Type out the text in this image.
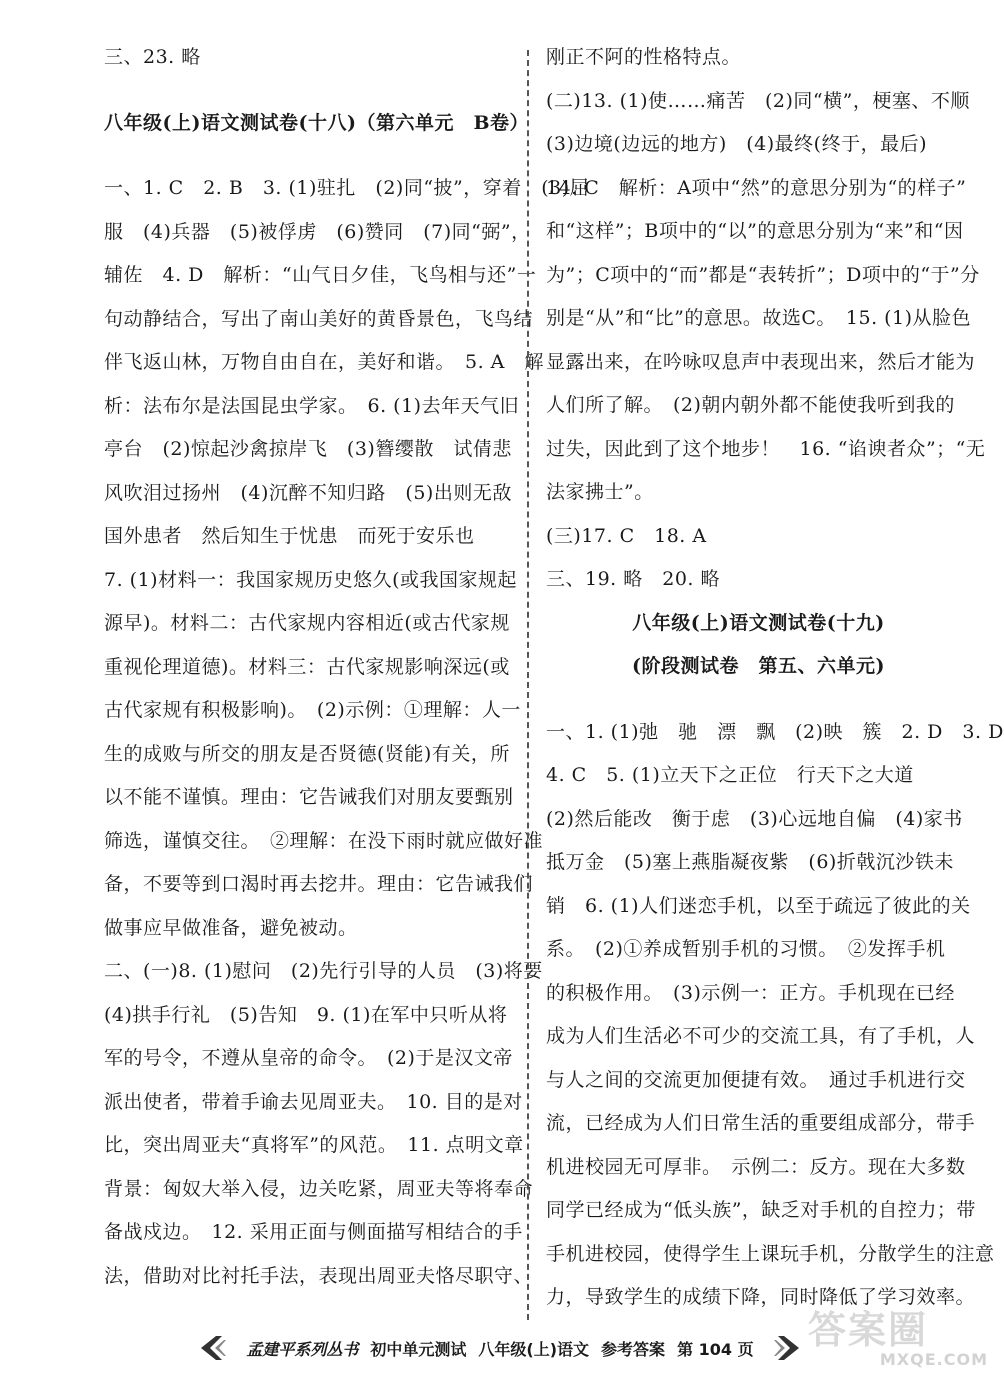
三、23. 略
八年级(上)语文测试卷(十八)（第六单元　B卷）
一、1. C　2. B　3. (1)驻扎　(2)同“披”，穿着　(3)屈
服　(4)兵器　(5)被俘虏　(6)赞同　(7)同“弼”，
辅佐　4. D　解析：“山气日夕佳，飞鸟相与还”一
句动静结合，写出了南山美好的黄昏景色，飞鸟结
伴飞返山林，万物自由自在，美好和谐。　5. A　解
析：法布尔是法国昆虫学家。　6. (1)去年天气旧
亭台　(2)惊起沙禽掠岸飞　(3)簪缨散　试倩悲
风吹泪过扬州　(4)沉醉不知归路　(5)出则无敌
国外患者　然后知生于忧患　而死于安乐也
7. (1)材料一：我国家规历史悠久(或我国家规起
源早)。材料二：古代家规内容相近(或古代家规
重视伦理道德)。材料三：古代家规影响深远(或
古代家规有积极影响)。　(2)示例：①理解：人一
生的成败与所交的朋友是否贤德(贤能)有关，所
以不能不谨慎。理由：它告诫我们对朋友要甄别
筛选，谨慎交往。　②理解：在没下雨时就应做好准
备，不要等到口渴时再去挖井。理由：它告诫我们
做事应早做准备，避免被动。
二、(一)8. (1)慰问　(2)先行引导的人员　(3)将要
(4)拱手行礼　(5)告知　9. (1)在军中只听从将
军的号令，不遵从皇帝的命令。　(2)于是汉文帝
派出使者，带着手谕去见周亚夫。　10. 目的是对
比，突出周亚夫“真将军”的风范。　11. 点明文章
背景：匈奴大举入侵，边关吃紧，周亚夫等将奉命
备战戍边。　12. 采用正面与侧面描写相结合的手
法，借助对比衬托手法，表现出周亚夫恪尽职守、
刚正不阿的性格特点。
(二)13. (1)使……痛苦　(2)同“横”，梗塞、不顺
(3)边境(边远的地方)　(4)最终(终于，最后)
14. C　解析：A项中“然”的意思分别为“的样子”
和“这样”；B项中的“以”的意思分别为“来”和“因
为”；C项中的“而”都是“表转折”；D项中的“于”分
别是“从”和“比”的意思。故选C。　15. (1)从脸色
显露出来，在吟咏叹息声中表现出来，然后才能为
人们所了解。　(2)朝内朝外都不能使我听到我的
过失，因此到了这个地步！　16. “谄谀者众”；“无
法家拂士”。
(三)17. C　18. A
三、19. 略　20. 略
八年级(上)语文测试卷(十九)
(阶段测试卷　第五、六单元)
一、1. (1)弛　驰　漂　飘　(2)映　簇　2. D　3. D
4. C　5. (1)立天下之正位　行天下之大道
(2)然后能改　衡于虑　(3)心远地自偏　(4)家书
抵万金　(5)塞上燕脂凝夜紫　(6)折戟沉沙铁未
销　6. (1)人们迷恋手机，以至于疏远了彼此的关
系。　(2)①养成暂别手机的习惯。　②发挥手机
的积极作用。　(3)示例一：正方。手机现在已经
成为人们生活必不可少的交流工具，有了手机，人
与人之间的交流更加便捷有效。　通过手机进行交
流，已经成为人们日常生活的重要组成部分，带手
机进校园无可厚非。　示例二：反方。现在大多数
同学已经成为“低头族”，缺乏对手机的自控力；带
手机进校园，使得学生上课玩手机，分散学生的注意
力，导致学生的成绩下降，同时降低了学习效率。
孟建平系列丛书 初中单元测试 八年级(上)语文 参考答案 第 104 页 答案圈
MXQE.COM
